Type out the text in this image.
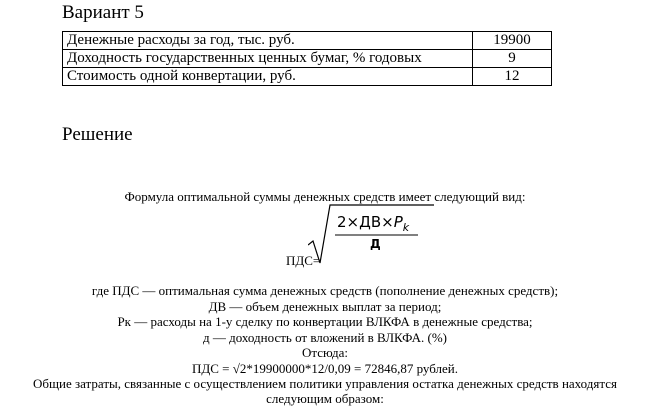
Вариант 5
Денежные расходы за год, тыс. руб.	19900
Доходность государственных ценных бумаг, % годовых	9
Стоимость одной конвертации, руб.	12
Решение
Формула оптимальной суммы денежных средств имеет следующий вид:
ПДС=
$2\times ДВ\times P_k$
Д
где ПДС — оптимальная сумма денежных средств (пополнение денежных средств);
ДВ — объем денежных выплат за период;
Рк — расходы на 1-у сделку по конвертации ВЛКФА в денежные средства;
д — доходность от вложений в ВЛКФА. (%)
Отсюда:
ПДС = √2*19900000*12/0,09 = 72846,87 рублей.
Общие затраты, связанные с осуществлением политики управления остатка денежных средств находятся
следующим образом:
